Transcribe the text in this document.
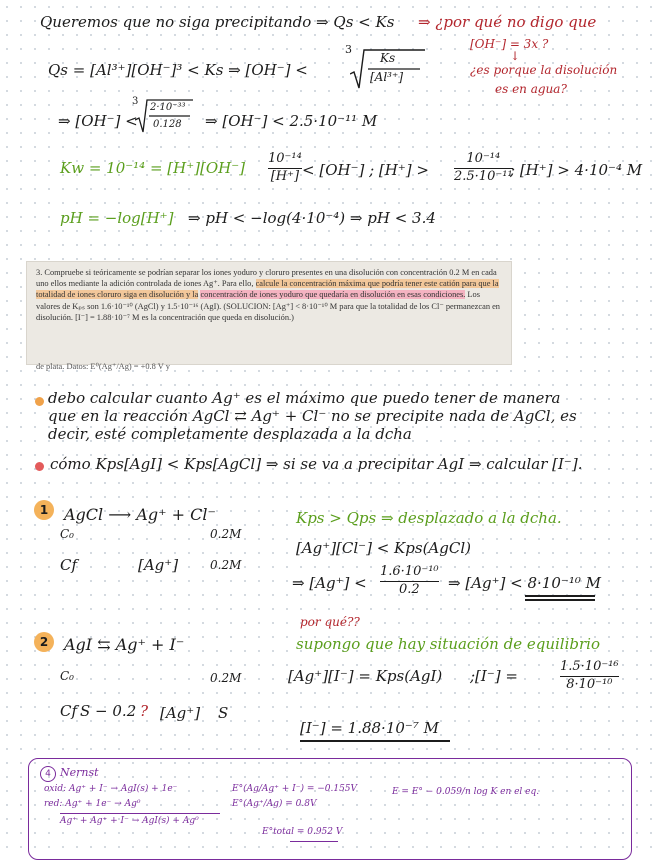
Queremos que no siga precipitando ⇒ Qs < Ks ⇒ ¿por qué no digo que
[OH⁻] = 3x ?
Qs = [Al³⁺][OH⁻]³ < Ks ⇒ [OH⁻] <
3
Ks
[Al³⁺]	¿es porque la disolución
es en agua?
↓
⇒ [OH⁻] <
3
2·10⁻³³
0.128 ⇒ [OH⁻] < 2.5·10⁻¹¹ M
Kw = 10⁻¹⁴ = [H⁺][OH⁻]
10⁻¹⁴
[H⁺] < [OH⁻] ; [H⁺] >
10⁻¹⁴
2.5·10⁻¹¹
; [H⁺] > 4·10⁻⁴ M
pH = −log[H⁺] ⇒ pH < −log(4·10⁻⁴) ⇒ pH < 3.4
3. Compruebe si teóricamente se podrían separar los iones yoduro y cloruro presentes en una disolución con concentración 0.2 M en cada uno ellos mediante la adición controlada de iones Ag⁺. Para ello, calcule la concentración máxima que podría tener este catión para que la totalidad de iones cloruro siga en disolución y la concentración de iones yoduro que quedaría en disolución en esas condiciones. Los valores de Kₚₛ son 1.6·10⁻¹⁰ (AgCl) y 1.5·10⁻¹⁶ (AgI). (SOLUCION: [Ag⁺] < 8·10⁻¹⁰ M para que la totalidad de los Cl⁻ permanezcan en disolución. [I⁻] = 1.88·10⁻⁷ M es la concentración que queda en disolución.)
de plata. Datos: E⁰(Ag⁺/Ag) = +0.8 V y
debo calcular cuanto Ag⁺ es el máximo que puedo tener de manera
que en la reacción AgCl ⇄ Ag⁺ + Cl⁻ no se precipite nada de AgCl, es
decir, esté completamente desplazada a la dcha
cómo Kps[AgI] < Kps[AgCl] ⇒ si se va a precipitar AgI ⇒ calcular [I⁻].
1 AgCl ⟶ Ag⁺ + Cl⁻
C₀	0.2M
Cf	[Ag⁺]	0.2M
Kps > Qps ⇒ desplazado a la dcha.
[Ag⁺][Cl⁻] < Kps(AgCl)
⇒ [Ag⁺] <
1.6·10⁻¹⁰
0.2 ⇒ [Ag⁺] < 8·10⁻¹⁰ M
2 AgI ⇆ Ag⁺ + I⁻
C₀	0.2M
Cf S − 0.2 ? [Ag⁺] S
por qué??
supongo que hay situación de equilibrio
[Ag⁺][I⁻] = Kps(AgI) ;[I⁻] =
1.5·10⁻¹⁶
8·10⁻¹⁰
[I⁻] = 1.88·10⁻⁷ M
4 Nernst
oxid: Ag⁺ + I⁻ → AgI(s) + 1e⁻
red: Ag⁺ + 1e⁻ → Ag⁰
Ag⁺ + Ag⁺ + I⁻ → AgI(s) + Ag⁰
E°(Ag/Ag⁺ + I⁻) = −0.155V
E°(Ag⁺/Ag) = 0.8V
E = E° − 0.059/n log K en el eq.
E°total = 0.952 V
